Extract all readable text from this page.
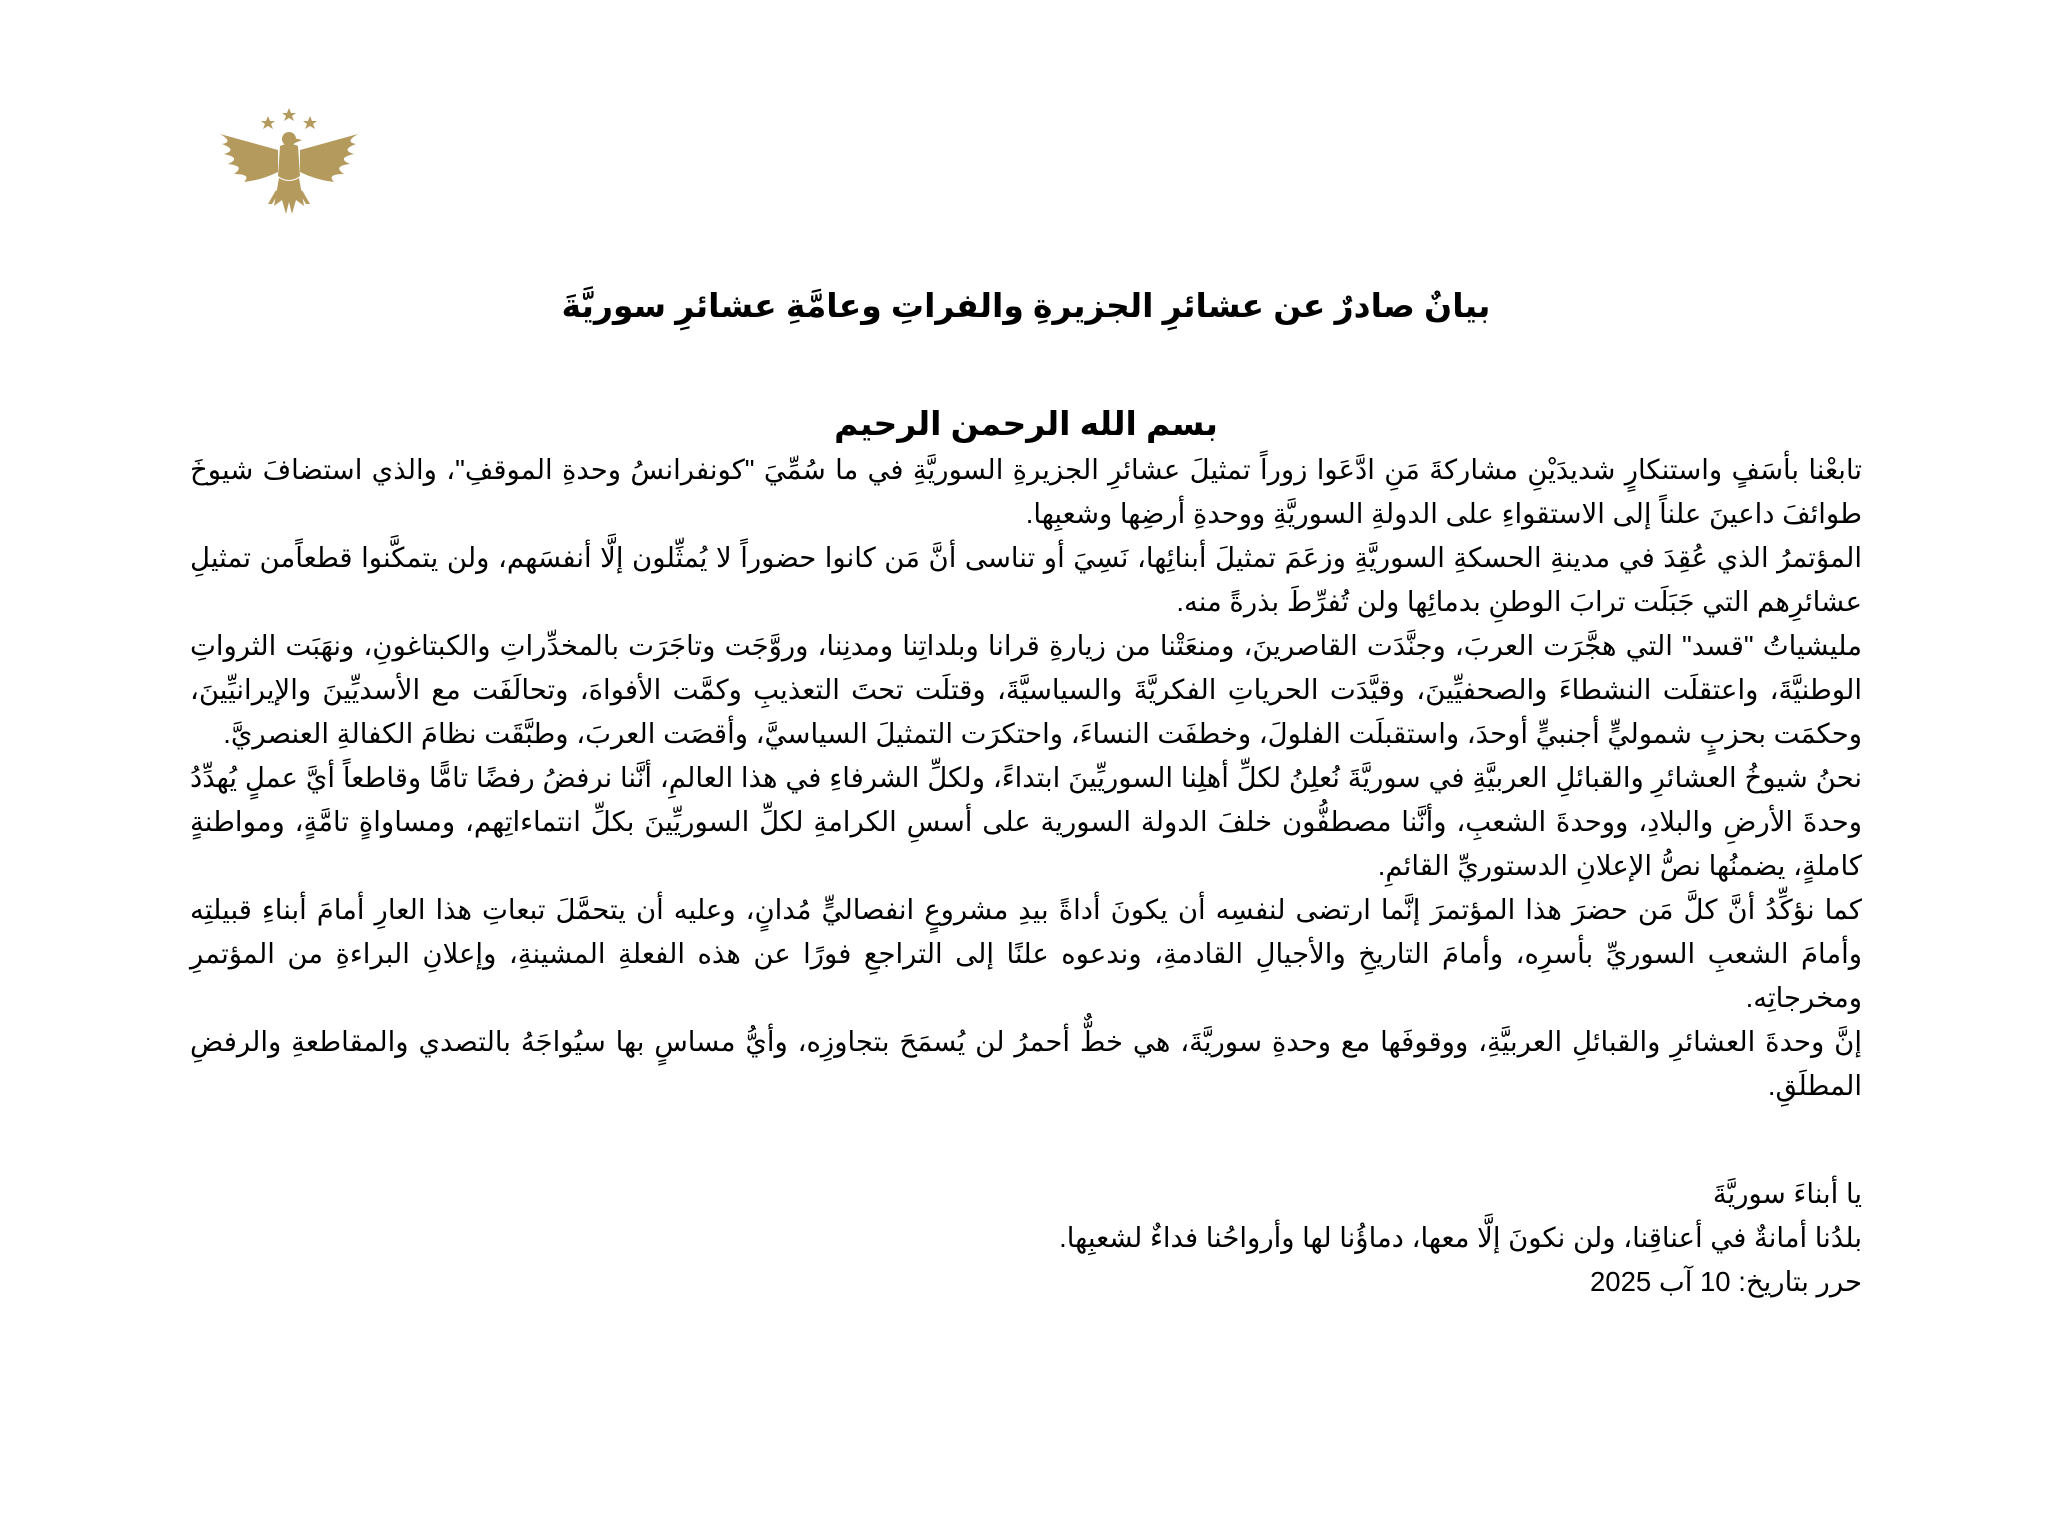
بيانٌ صادرٌ عن عشائرِ الجزيرةِ والفراتِ وعامَّةِ عشائرِ سوريَّةَ
بسم الله الرحمن الرحيم

تابعْنا بأسَفٍ واستنكارٍ شديدَيْنِ مشاركةَ مَنِ ادَّعَوا زوراً تمثيلَ عشائرِ الجزيرةِ السوريَّةِ في ما سُمِّيَ "كونفرانسُ وحدةِ الموقفِ"، والذي استضافَ شيوخَ طوائفَ داعينَ علناً إلى الاستقواءِ على الدولةِ السوريَّةِ ووحدةِ أرضِها وشعبِها.

المؤتمرُ الذي عُقِدَ في مدينةِ الحسكةِ السوريَّةِ وزعَمَ تمثيلَ أبنائِها، نَسِيَ أو تناسى أنَّ مَن كانوا حضوراً لا يُمثِّلون إلَّا أنفسَهم، ولن يتمكَّنوا قطعاًمن تمثيلِ عشائرِهم التي جَبَلَت ترابَ الوطنِ بدمائِها ولن تُفرِّطَ بذرةً منه.

مليشياتُ "قسد" التي هجَّرَت العربَ، وجنَّدَت القاصرينَ، ومنعَتْنا من زيارةِ قرانا وبلداتِنا ومدنِنا، وروَّجَت وتاجَرَت بالمخدِّراتِ والكبتاغونِ، ونهَبَت الثرواتِ الوطنيَّةَ، واعتقلَت النشطاءَ والصحفيِّينَ، وقيَّدَت الحرياتِ الفكريَّةَ والسياسيَّةَ، وقتلَت تحتَ التعذيبِ وكمَّت الأفواهَ، وتحالَفَت مع الأسديِّينَ والإيرانيِّينَ، وحكمَت بحزبٍ شموليٍّ أجنبيٍّ أوحدَ، واستقبلَت الفلولَ، وخطفَت النساءَ، واحتكرَت التمثيلَ السياسيَّ، وأقصَت العربَ، وطبَّقَت نظامَ الكفالةِ العنصريَّ.

نحنُ شيوخُ العشائرِ والقبائلِ العربيَّةِ في سوريَّةَ نُعلِنُ لكلِّ أهلِنا السوريِّينَ ابتداءً، ولكلِّ الشرفاءِ في هذا العالمِ، أنَّنا نرفضُ رفضًا تامًّا وقاطعاً أيَّ عملٍ يُهدِّدُ وحدةَ الأرضِ والبلادِ، ووحدةَ الشعبِ، وأنَّنا مصطفُّون خلفَ الدولة السورية على أسسِ الكرامةِ لكلِّ السوريِّينَ بكلِّ انتماءاتِهم، ومساواةٍ تامَّةٍ، ومواطنةٍ كاملةٍ، يضمنُها نصُّ الإعلانِ الدستوريِّ القائمِ.

كما نؤكِّدُ أنَّ كلَّ مَن حضرَ هذا المؤتمرَ إنَّما ارتضى لنفسِه أن يكونَ أداةً بيدِ مشروعٍ انفصاليٍّ مُدانٍ، وعليه أن يتحمَّلَ تبعاتِ هذا العارِ أمامَ أبناءِ قبيلتِه وأمامَ الشعبِ السوريِّ بأسرِه، وأمامَ التاريخِ والأجيالِ القادمةِ، وندعوه علنًا إلى التراجعِ فورًا عن هذه الفعلةِ المشينةِ، وإعلانِ البراءةِ من المؤتمرِ ومخرجاتِه.

إنَّ وحدةَ العشائرِ والقبائلِ العربيَّةِ، ووقوفَها مع وحدةِ سوريَّةَ، هي خطٌّ أحمرُ لن يُسمَحَ بتجاوزِه، وأيُّ مساسٍ بها سيُواجَهُ بالتصدي والمقاطعةِ والرفضِ المطلَقِ.

يا أبناءَ سوريَّةَ

بلدُنا أمانةٌ في أعناقِنا، ولن نكونَ إلَّا معها، دماؤُنا لها وأرواحُنا فداءٌ لشعبِها.

حرر بتاريخ: 10 آب 2025
